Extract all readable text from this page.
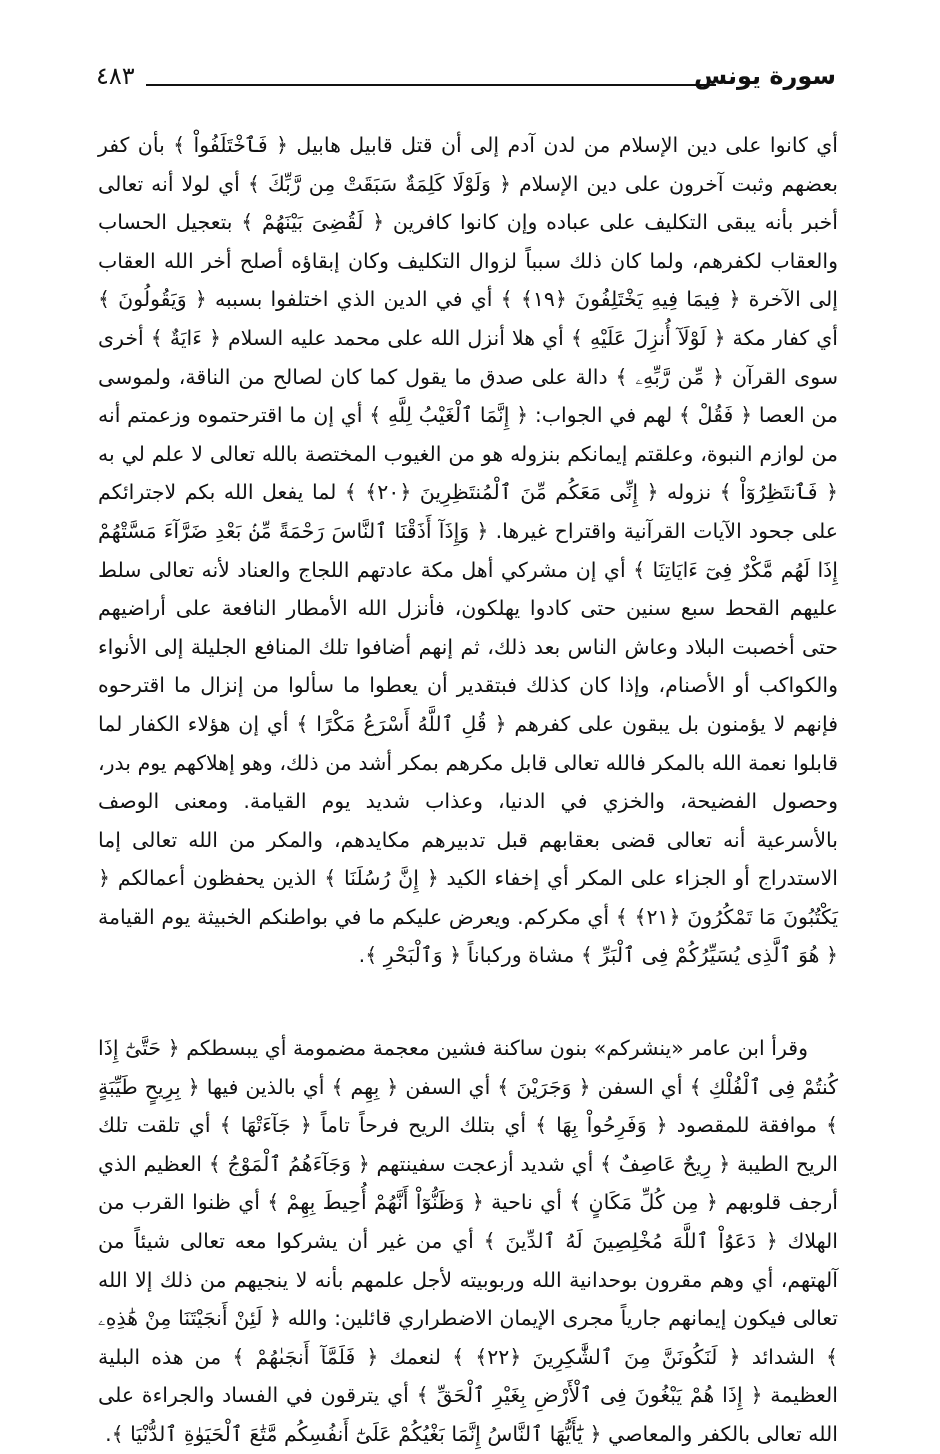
٤٨٣	سورة يونس

أي كانوا على دين الإسلام من لدن آدم إلى أن قتل قابيل هابيل ﴿ فَٱخْتَلَفُواْ ﴾ بأن كفر بعضهم وثبت آخرون على دين الإسلام ﴿ وَلَوْلَا كَلِمَةٌ سَبَقَتْ مِن رَّبِّكَ ﴾ أي لولا أنه تعالى أخبر بأنه يبقى التكليف على عباده وإن كانوا كافرين ﴿ لَقُضِىَ بَيْنَهُمْ ﴾ بتعجيل الحساب والعقاب لكفرهم، ولما كان ذلك سبباً لزوال التكليف وكان إبقاؤه أصلح أخر الله العقاب إلى الآخرة ﴿ فِيمَا فِيهِ يَخْتَلِفُونَ ﴿١٩﴾ ﴾ أي في الدين الذي اختلفوا بسببه ﴿ وَيَقُولُونَ ﴾ أي كفار مكة ﴿ لَوْلَآ أُنزِلَ عَلَيْهِ ﴾ أي هلا أنزل الله على محمد عليه السلام ﴿ ءَايَةٌ ﴾ أخرى سوى القرآن ﴿ مِّن رَّبِّهِۦ ﴾ دالة على صدق ما يقول كما كان لصالح من الناقة، ولموسى من العصا ﴿ فَقُلْ ﴾ لهم في الجواب: ﴿ إِنَّمَا ٱلْغَيْبُ لِلَّهِ ﴾ أي إن ما اقترحتموه وزعمتم أنه من لوازم النبوة، وعلقتم إيمانكم بنزوله هو من الغيوب المختصة بالله تعالى لا علم لي به ﴿ فَٱنتَظِرُوٓاْ ﴾ نزوله ﴿ إِنِّى مَعَكُم مِّنَ ٱلْمُنتَظِرِينَ ﴿٢٠﴾ ﴾ لما يفعل الله بكم لاجترائكم على جحود الآيات القرآنية واقتراح غيرها. ﴿ وَإِذَآ أَذَقْنَا ٱلنَّاسَ رَحْمَةً مِّنۢ بَعْدِ ضَرَّآءَ مَسَّتْهُمْ إِذَا لَهُم مَّكْرٌ فِىٓ ءَايَاتِنَا ﴾ أي إن مشركي أهل مكة عادتهم اللجاج والعناد لأنه تعالى سلط عليهم القحط سبع سنين حتى كادوا يهلكون، فأنزل الله الأمطار النافعة على أراضيهم حتى أخصبت البلاد وعاش الناس بعد ذلك، ثم إنهم أضافوا تلك المنافع الجليلة إلى الأنواء والكواكب أو الأصنام، وإذا كان كذلك فبتقدير أن يعطوا ما سألوا من إنزال ما اقترحوه فإنهم لا يؤمنون بل يبقون على كفرهم ﴿ قُلِ ٱللَّهُ أَسْرَعُ مَكْرًا ﴾ أي إن هؤلاء الكفار لما قابلوا نعمة الله بالمكر فالله تعالى قابل مكرهم بمكر أشد من ذلك، وهو إهلاكهم يوم بدر، وحصول الفضيحة، والخزي في الدنيا، وعذاب شديد يوم القيامة. ومعنى الوصف بالأسرعية أنه تعالى قضى بعقابهم قبل تدبيرهم مكايدهم، والمكر من الله تعالى إما الاستدراج أو الجزاء على المكر أي إخفاء الكيد ﴿ إِنَّ رُسُلَنَا ﴾ الذين يحفظون أعمالكم ﴿ يَكْتُبُونَ مَا تَمْكُرُونَ ﴿٢١﴾ ﴾ أي مكركم. ويعرض عليكم ما في بواطنكم الخبيثة يوم القيامة ﴿ هُوَ ٱلَّذِى يُسَيِّرُكُمْ فِى ٱلْبَرِّ ﴾ مشاة وركباناً ﴿ وَٱلْبَحْرِ ﴾.

وقرأ ابن عامر «ينشركم» بنون ساكنة فشين معجمة مضمومة أي يبسطكم ﴿ حَتَّىٰٓ إِذَا كُنتُمْ فِى ٱلْفُلْكِ ﴾ أي السفن ﴿ وَجَرَيْنَ ﴾ أي السفن ﴿ بِهِم ﴾ أي بالذين فيها ﴿ بِرِيحٍ طَيِّبَةٍ ﴾ موافقة للمقصود ﴿ وَفَرِحُواْ بِهَا ﴾ أي بتلك الريح فرحاً تاماً ﴿ جَآءَتْهَا ﴾ أي تلقت تلك الريح الطيبة ﴿ رِيحٌ عَاصِفٌ ﴾ أي شديد أزعجت سفينتهم ﴿ وَجَآءَهُمُ ٱلْمَوْجُ ﴾ العظيم الذي أرجف قلوبهم ﴿ مِن كُلِّ مَكَانٍ ﴾ أي ناحية ﴿ وَظَنُّوٓاْ أَنَّهُمْ أُحِيطَ بِهِمْ ﴾ أي ظنوا القرب من الهلاك ﴿ دَعَوُاْ ٱللَّهَ مُخْلِصِينَ لَهُ ٱلدِّينَ ﴾ أي من غير أن يشركوا معه تعالى شيئاً من آلهتهم، أي وهم مقرون بوحدانية الله وربوبيته لأجل علمهم بأنه لا ينجيهم من ذلك إلا الله تعالى فيكون إيمانهم جارياً مجرى الإيمان الاضطراري قائلين: والله ﴿ لَئِنْ أَنجَيْتَنَا مِنْ هَٰذِهِۦ ﴾ الشدائد ﴿ لَنَكُونَنَّ مِنَ ٱلشَّٰكِرِينَ ﴿٢٢﴾ ﴾ لنعمك ﴿ فَلَمَّآ أَنجَىٰهُمْ ﴾ من هذه البلية العظيمة ﴿ إِذَا هُمْ يَبْغُونَ فِى ٱلْأَرْضِ بِغَيْرِ ٱلْحَقِّ ﴾ أي يترقون في الفساد والجراءة على الله تعالى بالكفر والمعاصي ﴿ يَٰٓأَيُّهَا ٱلنَّاسُ إِنَّمَا بَغْيُكُمْ عَلَىٰٓ أَنفُسِكُم مَّتَٰعَ ٱلْحَيَوٰةِ ٱلدُّنْيَا ﴾.
